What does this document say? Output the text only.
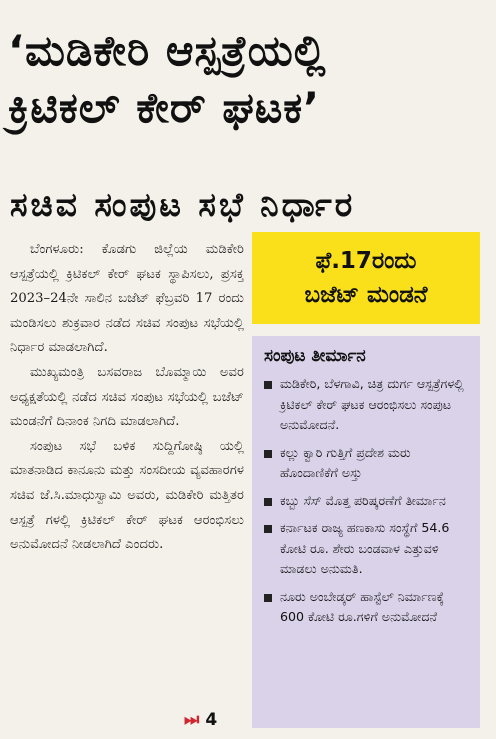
‘ಮಡಿಕೇರಿ ಆಸ್ಪತ್ರೆಯಲ್ಲಿ
ಕ್ರಿಟಿಕಲ್ ಕೇರ್ ಘಟಕ’
ಸಚಿವ ಸಂಪುಟ ಸಭೆ ನಿರ್ಧಾರ

ಬೆಂಗಳೂರು: ಕೊಡಗು ಜಿಲ್ಲೆಯ ಮಡಿಕೇರಿ ಆಸ್ಪತ್ರೆಯಲ್ಲಿ ಕ್ರಿಟಿಕಲ್ ಕೇರ್ ಘಟಕ ಸ್ಥಾಪಿಸಲು, ಪ್ರಸಕ್ತ 2023–24ನೇ ಸಾಲಿನ ಬಜೆಟ್ ಫೆಬ್ರವರಿ 17 ರಂದು ಮಂಡಿಸಲು ಶುಕ್ರವಾರ ನಡೆದ ಸಚಿವ ಸಂಪುಟ ಸಭೆಯಲ್ಲಿ ನಿರ್ಧಾರ ಮಾಡಲಾಗಿದೆ.

ಮುಖ್ಯಮಂತ್ರಿ ಬಸವರಾಜ ಬೊಮ್ಮಾಯಿ ಅವರ ಅಧ್ಯಕ್ಷತೆಯಲ್ಲಿ ನಡೆದ ಸಚಿವ ಸಂಪುಟ ಸಭೆಯಲ್ಲಿ ಬಜೆಟ್ ಮಂಡನೆಗೆ ದಿನಾಂಕ ನಿಗದಿ ಮಾಡಲಾಗಿದೆ.

ಸಂಪುಟ ಸಭೆ ಬಳಿಕ ಸುದ್ದಿಗೋಷ್ಠಿ ಯಲ್ಲಿ ಮಾತನಾಡಿದ ಕಾನೂನು ಮತ್ತು ಸಂಸದೀಯ ವ್ಯವಹಾರಗಳ ಸಚಿವ ಜೆ.ಸಿ.ಮಾಧುಸ್ವಾಮಿ ಅವರು, ಮಡಿಕೇರಿ ಮತ್ತಿತರ ಆಸ್ಪತ್ರೆ ಗಳಲ್ಲಿ ಕ್ರಿಟಿಕಲ್ ಕೇರ್ ಘಟಕ ಆರಂಭಿಸಲು ಅನುಮೋದನೆ ನೀಡಲಾಗಿದೆ ಎಂದರು.

⏭ 4
ಫೆ.17ರಂದು
ಬಜೆಟ್ ಮಂಡನೆ
ಸಂಪುಟ ತೀರ್ಮಾನ
ಮಡಿಕೇರಿ, ಬೆಳಗಾವಿ, ಚಿತ್ರ ದುರ್ಗ ಆಸ್ಪತ್ರೆಗಳಲ್ಲಿ ಕ್ರಿಟಿಕಲ್ ಕೇರ್ ಘಟಕ ಆರಂಭಿಸಲು ಸಂಪುಟ ಅನುಮೋದನೆ.
ಕಲ್ಲು ಕ್ವಾರಿ ಗುತ್ತಿಗೆ ಪ್ರದೇಶ ಮರು ಹೊಂದಾಣಿಕೆಗೆ ಅಸ್ತು
ಕಬ್ಬು ಸೆಸ್ ಮೊತ್ತ ಪರಿಷ್ಕರಣೆಗೆ ತೀರ್ಮಾನ
ಕರ್ನಾಟಕ ರಾಜ್ಯ ಹಣಕಾಸು ಸಂಸ್ಥೆಗೆ 54.6 ಕೋಟಿ ರೂ. ಶೇರು ಬಂಡವಾಳ ಎತ್ತುವಳಿ ಮಾಡಲು ಅನುಮತಿ.
ನೂರು ಅಂಬೇಡ್ಕರ್ ಹಾಸ್ಟೆಲ್ ನಿರ್ಮಾಣಕ್ಕೆ 600 ಕೋಟಿ ರೂ.ಗಳಿಗೆ ಅನುಮೋದನೆ
